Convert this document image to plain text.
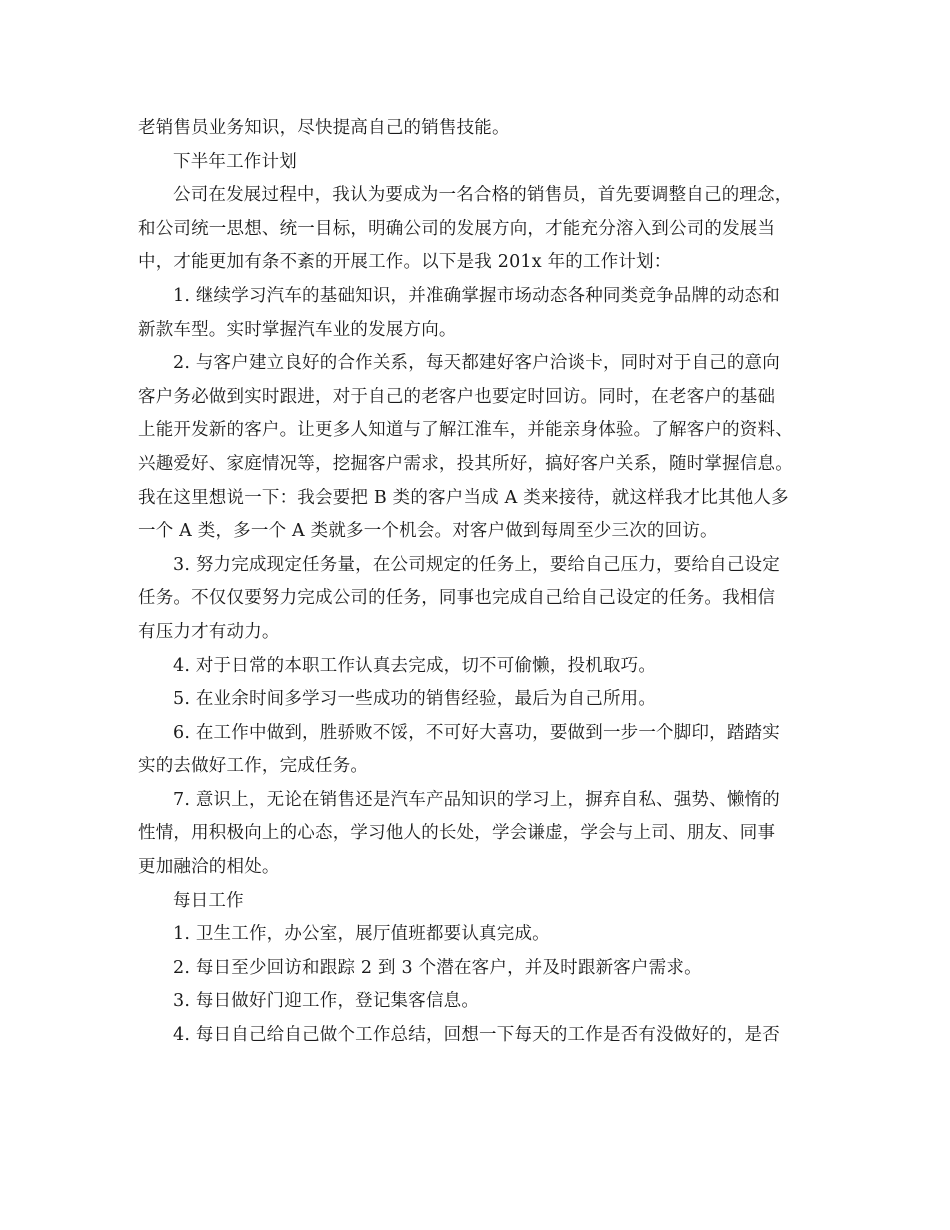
老销售员业务知识，尽快提高自己的销售技能。
下半年工作计划
公司在发展过程中，我认为要成为一名合格的销售员，首先要调整自己的理念，
和公司统一思想、统一目标，明确公司的发展方向，才能充分溶入到公司的发展当
中，才能更加有条不紊的开展工作。以下是我 201x 年的工作计划：
1. 继续学习汽车的基础知识，并准确掌握市场动态各种同类竞争品牌的动态和
新款车型。实时掌握汽车业的发展方向。
2. 与客户建立良好的合作关系，每天都建好客户洽谈卡，同时对于自己的意向
客户务必做到实时跟进，对于自己的老客户也要定时回访。同时，在老客户的基础
上能开发新的客户。让更多人知道与了解江淮车，并能亲身体验。了解客户的资料、
兴趣爱好、家庭情况等，挖掘客户需求，投其所好，搞好客户关系，随时掌握信息。
我在这里想说一下：我会要把 B 类的客户当成 A 类来接待，就这样我才比其他人多
一个 A 类，多一个 A 类就多一个机会。对客户做到每周至少三次的回访。
3. 努力完成现定任务量，在公司规定的任务上，要给自己压力，要给自己设定
任务。不仅仅要努力完成公司的任务，同事也完成自己给自己设定的任务。我相信
有压力才有动力。
4. 对于日常的本职工作认真去完成，切不可偷懒，投机取巧。
5. 在业余时间多学习一些成功的销售经验，最后为自己所用。
6. 在工作中做到，胜骄败不馁，不可好大喜功，要做到一步一个脚印，踏踏实
实的去做好工作，完成任务。
7. 意识上，无论在销售还是汽车产品知识的学习上，摒弃自私、强势、懒惰的
性情，用积极向上的心态，学习他人的长处，学会谦虚，学会与上司、朋友、同事
更加融洽的相处。
每日工作
1. 卫生工作，办公室，展厅值班都要认真完成。
2. 每日至少回访和跟踪 2 到 3 个潜在客户，并及时跟新客户需求。
3. 每日做好门迎工作，登记集客信息。
4. 每日自己给自己做个工作总结，回想一下每天的工作是否有没做好的，是否
